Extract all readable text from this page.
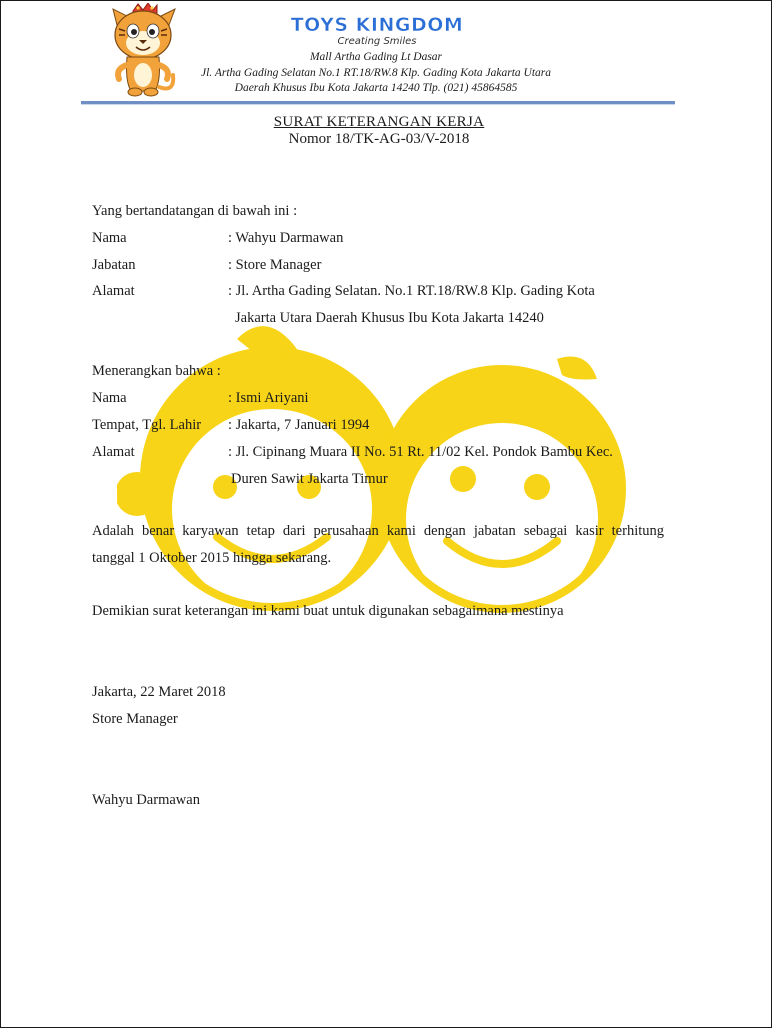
TOYS KINGDOM
Creating Smiles
Mall Artha Gading Lt Dasar
Jl. Artha Gading Selatan No.1 RT.18/RW.8 Klp. Gading Kota Jakarta Utara
Daerah Khusus Ibu Kota Jakarta 14240 Tlp. (021) 45864585
SURAT KETERANGAN KERJA
Nomor 18/TK-AG-03/V-2018
Yang bertandatangan di bawah ini :
Nama	: Wahyu Darmawan
Jabatan	: Store Manager
Alamat	: Jl. Artha Gading Selatan. No.1 RT.18/RW.8 Klp. Gading Kota
Jakarta Utara Daerah Khusus Ibu Kota Jakarta 14240
Menerangkan bahwa :
Nama	: Ismi Ariyani
Tempat, Tgl. Lahir : Jakarta, 7 Januari 1994
Alamat	: Jl. Cipinang Muara II No. 51 Rt. 11/02 Kel. Pondok Bambu Kec.
Duren Sawit Jakarta Timur
Adalah benar karyawan tetap dari perusahaan kami dengan jabatan sebagai kasir terhitung
tanggal 1 Oktober 2015 hingga sekarang.
Demikian surat keterangan ini kami buat untuk digunakan sebagaimana mestinya
Jakarta, 22 Maret 2018
Store Manager
Wahyu Darmawan
